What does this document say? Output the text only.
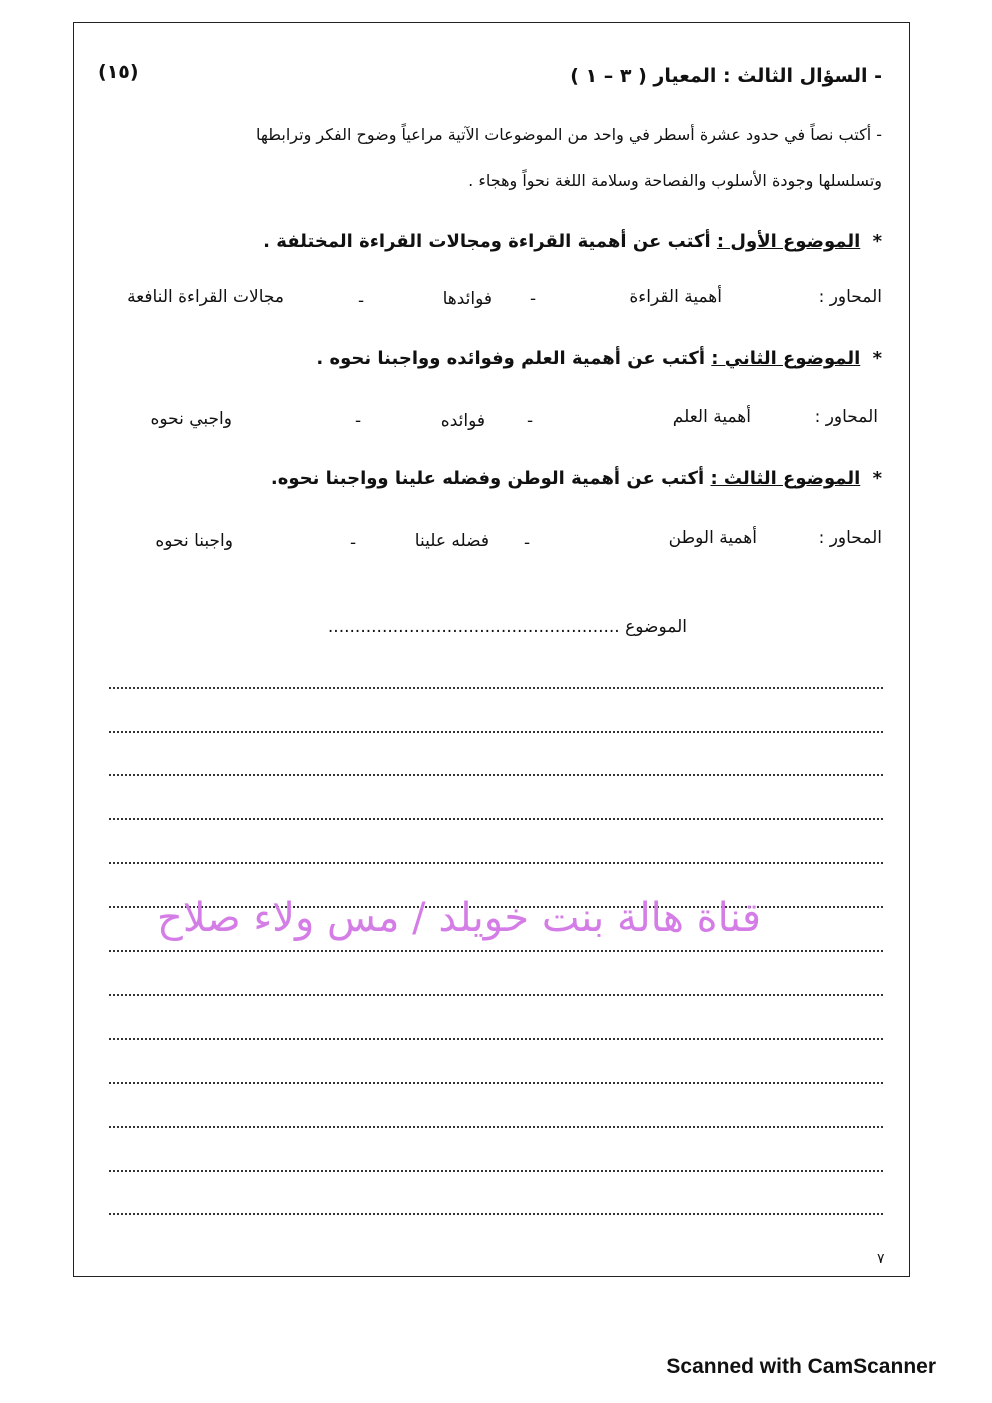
- السؤال الثالث : المعيار ( ٣ – ١ )
(١٥)
- أكتب نصاً في حدود عشرة أسطر في واحد من الموضوعات الآتية مراعياً وضوح الفكر وترابطها
وتسلسلها وجودة الأسلوب والفصاحة وسلامة اللغة نحواً وهجاء .
* الموضوع الأول : أكتب عن أهمية القراءة ومجالات القراءة المختلفة .
المحاور :
أهمية القراءة
-
فوائدها
-
مجالات القراءة النافعة
* الموضوع الثاني : أكتب عن أهمية العلم وفوائده وواجبنا نحوه .
المحاور :
أهمية العلم
-
فوائده
-
واجبي نحوه
* الموضوع الثالث : أكتب عن أهمية الوطن وفضله علينا وواجبنا نحوه.
المحاور :
أهمية الوطن
-
فضله علينا
-
واجبنا نحوه
الموضوع ......................................................
٧
قناة هالة بنت خويلد / مس ولاء صلاح
Scanned with CamScanner
